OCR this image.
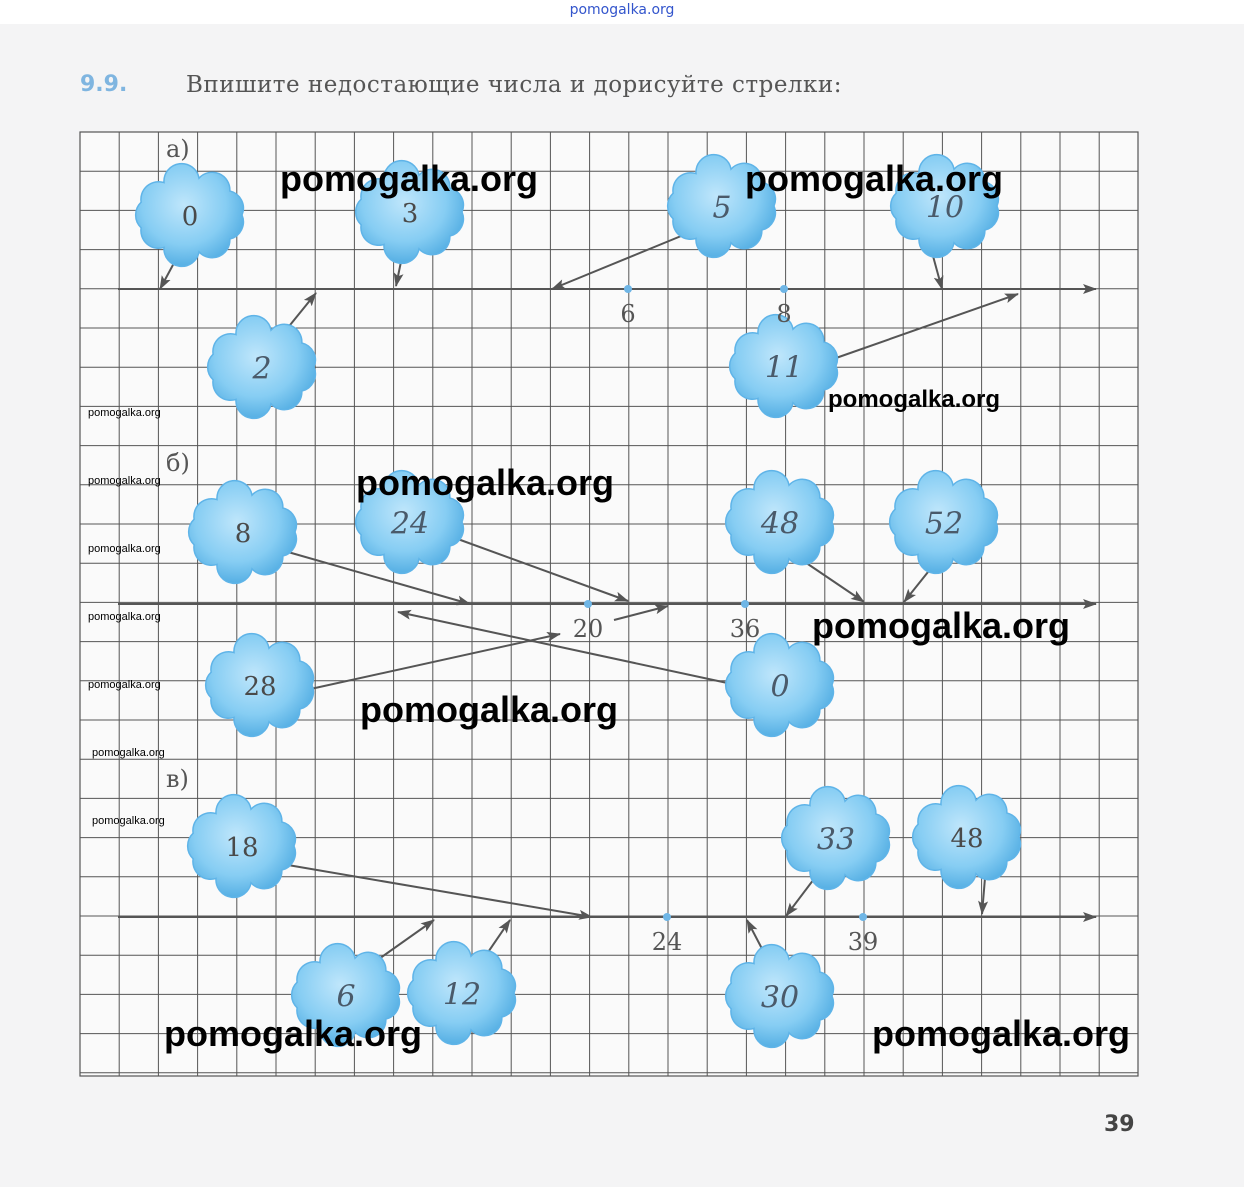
pomogalka.org
9.9.	Впишите недостающие числа и дорисуйте стрелки:
0	3	5	10
2	11
8	24	48	52
28	0
18	33	48
6	12	30
а)
6	8
б)
20	36
в)
24	39
pomogalka.org	pomogalka.org
pomogalka.org
pomogalka.org
pomogalka.org
pomogalka.org
pomogalka.org	pomogalka.org
pomogalka.org
pomogalka.org
pomogalka.org
pomogalka.org
pomogalka.org
pomogalka.org
pomogalka.org
39
